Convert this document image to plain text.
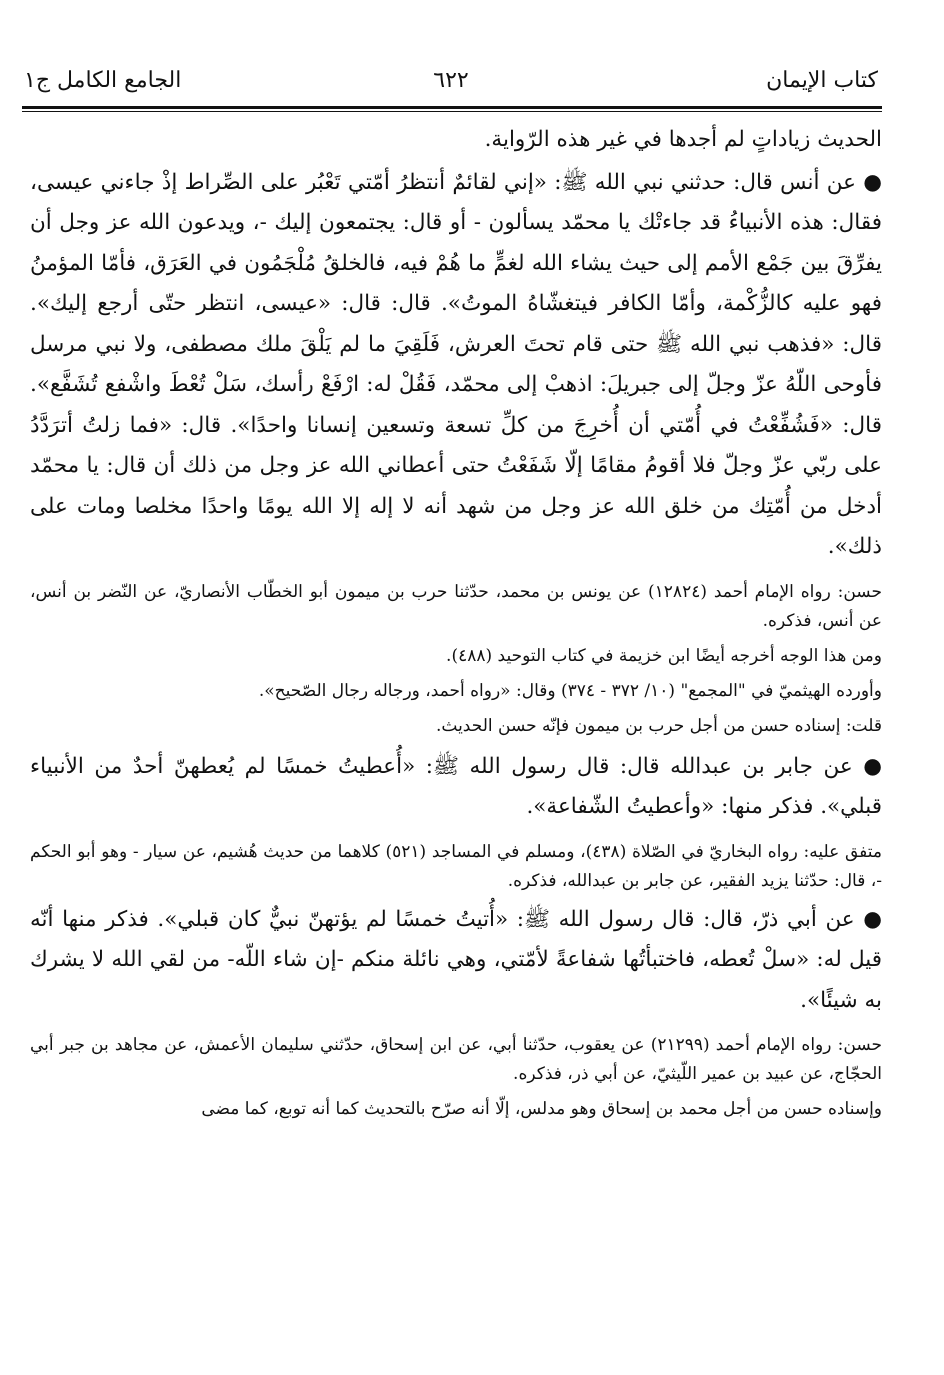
كتاب الإيمان
٦٢٢
الجامع الكامل ج١

الحديث زياداتٍ لم أجدها في غير هذه الرّواية.

● عن أنس قال: حدثني نبي الله ﷺ: «إني لقائمٌ أنتظرُ أمّتي تَعْبُر على الصِّراط إذْ جاءني عيسى، فقال: هذه الأنبياءُ قد جاءتْك يا محمّد يسألون - أو قال: يجتمعون إليك -، ويدعون الله عز وجل أن يفرِّقَ بين جَمْع الأمم إلى حيث يشاء الله لغمٍّ ما هُمْ فيه، فالخلقُ مُلْجَمُون في العَرَق، فأمّا المؤمنُ فهو عليه كالزُّكْمة، وأمّا الكافر فيتغشّاهُ الموتُ». قال: قال: «عيسى، انتظر حتّى أرجع إليك». قال: «فذهب نبي الله ﷺ حتى قام تحتَ العرش، فَلَقِيَ ما لم يَلْقَ ملك مصطفى، ولا نبي مرسل فأوحى اللّهُ عزّ وجلّ إلى جبريلَ: اذهبْ إلى محمّد، فَقُلْ له: ارْفَعْ رأسك، سَلْ تُعْطَ واشْفع تُشَفَّع». قال: «فَشُفِّعْتُ في أُمّتي أن أُخرِجَ من كلِّ تسعة وتسعين إنسانا واحدًا». قال: «فما زلتُ أترَدَّدُ على ربّي عزّ وجلّ فلا أقومُ مقامًا إلّا شَفَعْتُ حتى أعطاني الله عز وجل من ذلك أن قال: يا محمّد أدخل من أُمّتِك من خلق الله عز وجل من شهد أنه لا إله إلا الله يومًا واحدًا مخلصا ومات على ذلك».

حسن: رواه الإمام أحمد (١٢٨٢٤) عن يونس بن محمد، حدّثنا حرب بن ميمون أبو الخطّاب الأنصاريّ، عن النّضر بن أنس، عن أنس، فذكره.

ومن هذا الوجه أخرجه أيضًا ابن خزيمة في كتاب التوحيد (٤٨٨).

وأورده الهيثميّ في "المجمع" (١٠/ ٣٧٢ - ٣٧٤) وقال: «رواه أحمد، ورجاله رجال الصّحيح».

قلت: إسناده حسن من أجل حرب بن ميمون فإنّه حسن الحديث.

● عن جابر بن عبدالله قال: قال رسول الله ﷺ: «أُعطيتُ خمسًا لم يُعطهنّ أحدٌ من الأنبياء قبلي». فذكر منها: «وأعطيتُ الشّفاعة».

متفق عليه: رواه البخاريّ في الصّلاة (٤٣٨)، ومسلم في المساجد (٥٢١) كلاهما من حديث هُشيم، عن سيار - وهو أبو الحكم -، قال: حدّثنا يزيد الفقير، عن جابر بن عبدالله، فذكره.

● عن أبي ذرّ، قال: قال رسول الله ﷺ: «أُتيتُ خمسًا لم يؤتهنّ نبيٌّ كان قبلي». فذكر منها أنّه قيل له: «سلْ تُعطه، فاختبأتُها شفاعةً لأمّتي، وهي نائلة منكم -إن شاء اللّه- من لقي الله لا يشرك به شيئًا».

حسن: رواه الإمام أحمد (٢١٢٩٩) عن يعقوب، حدّثنا أبي، عن ابن إسحاق، حدّثني سليمان الأعمش، عن مجاهد بن جبر أبي الحجّاج، عن عبيد بن عمير اللّيثيّ، عن أبي ذر، فذكره.

وإسناده حسن من أجل محمد بن إسحاق وهو مدلس، إلّا أنه صرّح بالتحديث كما أنه توبع، كما مضى
